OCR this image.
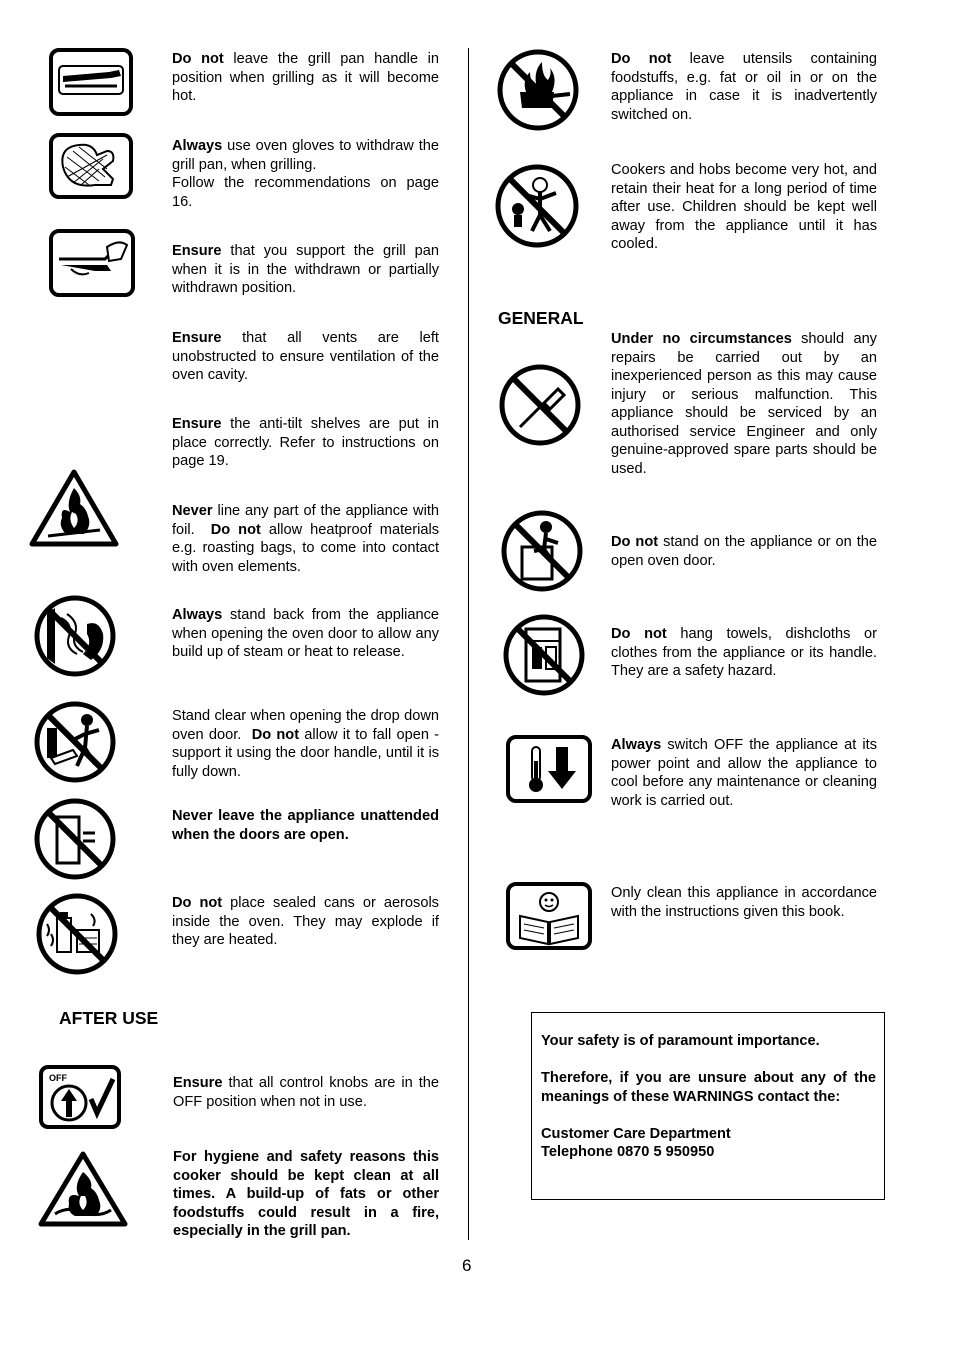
OFF
Do not leave the grill pan handle in position when grilling as it will become hot.
Always use oven gloves to withdraw the grill pan, when grilling.
Follow the recommendations on page 16.
Ensure that you support the grill pan when it is in the withdrawn or partially withdrawn position.
Ensure that all vents are left unobstructed to ensure ventilation of the oven cavity.
Ensure the anti-tilt shelves are put in place correctly. Refer to instructions on page 19.
Never line any part of the appliance with foil. Do not allow heatproof materials e.g. roasting bags, to come into contact with oven elements.
Always stand back from the appliance when opening the oven door to allow any build up of steam or heat to release.
Stand clear when opening the drop down oven door. Do not allow it to fall open - support it using the door handle, until it is fully down.
Never leave the appliance unattended when the doors are open.
Do not place sealed cans or aerosols inside the oven. They may explode if they are heated.
AFTER USE
Ensure that all control knobs are in the OFF position when not in use.
For hygiene and safety reasons this cooker should be kept clean at all times. A build-up of fats or other foodstuffs could result in a fire, especially in the grill pan.
Do not leave utensils containing foodstuffs, e.g. fat or oil in or on the appliance in case it is inadvertently switched on.
Cookers and hobs become very hot, and retain their heat for a long period of time after use. Children should be kept well away from the appliance until it has cooled.
GENERAL
Under no circumstances should any repairs be carried out by an inexperienced person as this may cause injury or serious malfunction. This appliance should be serviced by an authorised service Engineer and only genuine-approved spare parts should be used.
Do not stand on the appliance or on the open oven door.
Do not hang towels, dishcloths or clothes from the appliance or its handle. They are a safety hazard.
Always switch OFF the appliance at its power point and allow the appliance to cool before any maintenance or cleaning work is carried out.
Only clean this appliance in accordance with the instructions given this book.

Your safety is of paramount importance.

Therefore, if you are unsure about any of the meanings of these WARNINGS contact the:

Customer Care Department
Telephone 0870 5 950950
6
